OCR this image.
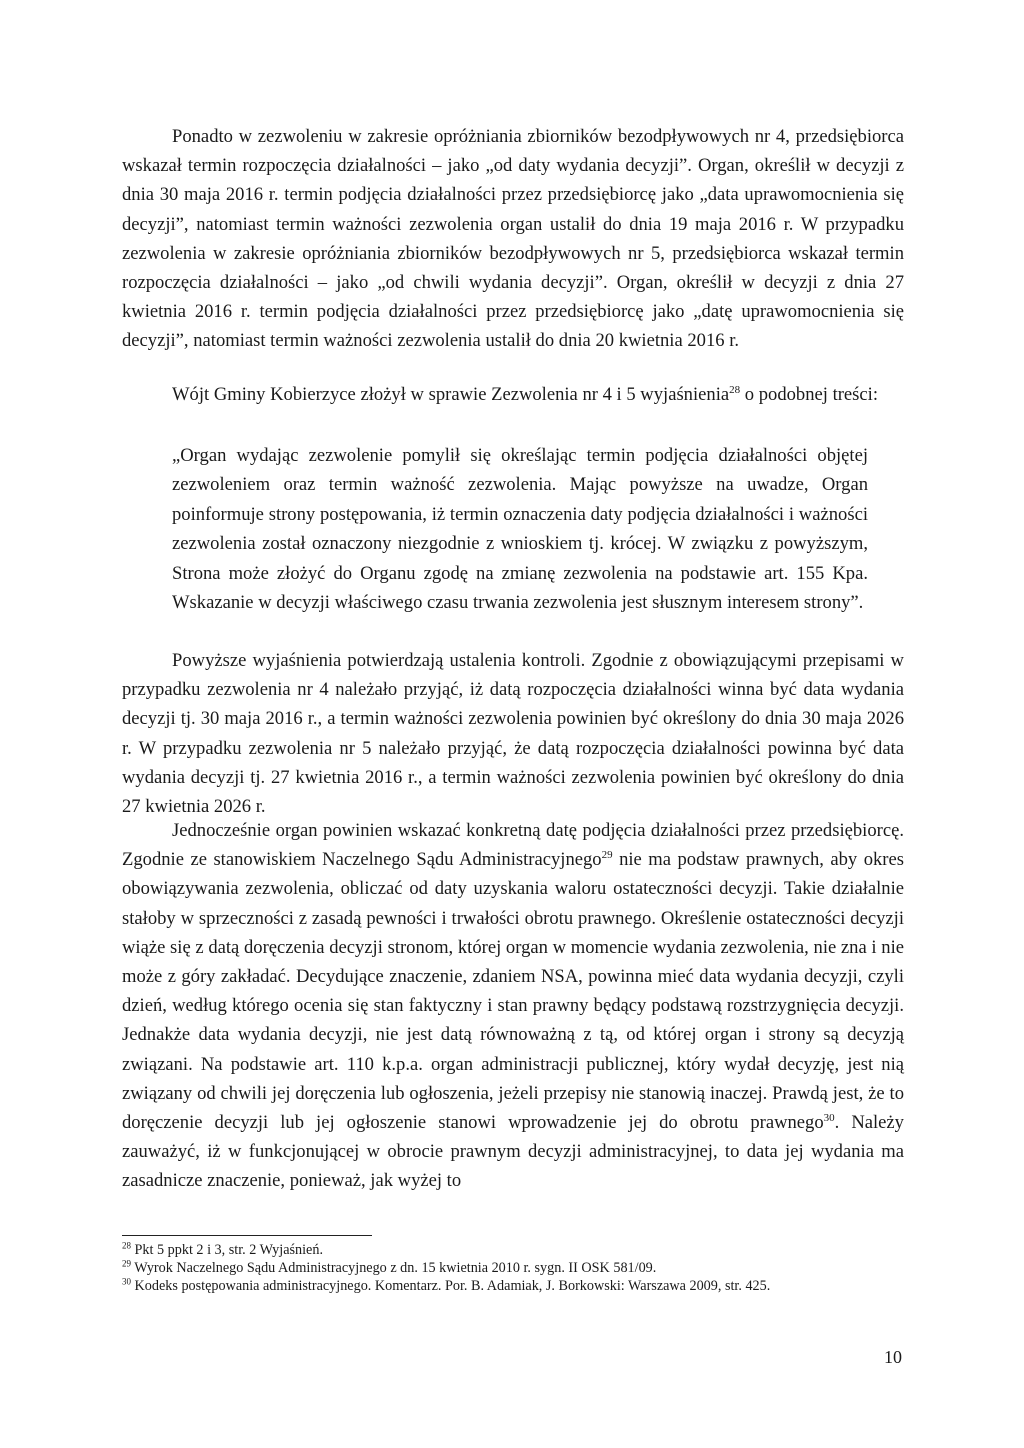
Ponadto w zezwoleniu w zakresie opróżniania zbiorników bezodpływowych nr 4, przedsiębiorca wskazał termin rozpoczęcia działalności – jako „od daty wydania decyzji”. Organ, określił w decyzji z dnia 30 maja 2016 r. termin podjęcia działalności przez przedsiębiorcę jako „data uprawomocnienia się decyzji”, natomiast termin ważności zezwolenia organ ustalił do dnia 19 maja 2016 r. W przypadku zezwolenia w zakresie opróżniania zbiorników bezodpływowych nr 5, przedsiębiorca wskazał termin rozpoczęcia działalności – jako „od chwili wydania decyzji”. Organ, określił w decyzji z dnia 27 kwietnia 2016 r. termin podjęcia działalności przez przedsiębiorcę jako „datę uprawomocnienia się decyzji”, natomiast termin ważności zezwolenia ustalił do dnia 20 kwietnia 2016 r.

Wójt Gminy Kobierzyce złożył w sprawie Zezwolenia nr 4 i 5 wyjaśnienia$^{28}$ o podobnej treści:

„Organ wydając zezwolenie pomylił się określając termin podjęcia działalności objętej zezwoleniem oraz termin ważność zezwolenia. Mając powyższe na uwadze, Organ poinformuje strony postępowania, iż termin oznaczenia daty podjęcia działalności i ważności zezwolenia został oznaczony niezgodnie z wnioskiem tj. krócej. W związku z powyższym, Strona może złożyć do Organu zgodę na zmianę zezwolenia na podstawie art. 155 Kpa. Wskazanie w decyzji właściwego czasu trwania zezwolenia jest słusznym interesem strony”.

Powyższe wyjaśnienia potwierdzają ustalenia kontroli. Zgodnie z obowiązującymi przepisami w przypadku zezwolenia nr 4 należało przyjąć, iż datą rozpoczęcia działalności winna być data wydania decyzji tj. 30 maja 2016 r., a termin ważności zezwolenia powinien być określony do dnia 30 maja 2026 r. W przypadku zezwolenia nr 5 należało przyjąć, że datą rozpoczęcia działalności powinna być data wydania decyzji tj. 27 kwietnia 2016 r., a termin ważności zezwolenia powinien być określony do dnia 27 kwietnia 2026 r.

Jednocześnie organ powinien wskazać konkretną datę podjęcia działalności przez przedsiębiorcę. Zgodnie ze stanowiskiem Naczelnego Sądu Administracyjnego$^{29}$ nie ma podstaw prawnych, aby okres obowiązywania zezwolenia, obliczać od daty uzyskania waloru ostateczności decyzji. Takie działalnie stałoby w sprzeczności z zasadą pewności i trwałości obrotu prawnego. Określenie ostateczności decyzji wiąże się z datą doręczenia decyzji stronom, której organ w momencie wydania zezwolenia, nie zna i nie może z góry zakładać. Decydujące znaczenie, zdaniem NSA, powinna mieć data wydania decyzji, czyli dzień, według którego ocenia się stan faktyczny i stan prawny będący podstawą rozstrzygnięcia decyzji. Jednakże data wydania decyzji, nie jest datą równoważną z tą, od której organ i strony są decyzją związani. Na podstawie art. 110 k.p.a. organ administracji publicznej, który wydał decyzję, jest nią związany od chwili jej doręczenia lub ogłoszenia, jeżeli przepisy nie stanowią inaczej. Prawdą jest, że to doręczenie decyzji lub jej ogłoszenie stanowi wprowadzenie jej do obrotu prawnego$^{30}$. Należy zauważyć, iż w funkcjonującej w obrocie prawnym decyzji administracyjnej, to data jej wydania ma zasadnicze znaczenie, ponieważ, jak wyżej to

$^{28}$ Pkt 5 ppkt 2 i 3, str. 2 Wyjaśnień.

$^{29}$ Wyrok Naczelnego Sądu Administracyjnego z dn. 15 kwietnia 2010 r. sygn. II OSK 581/09.

$^{30}$ Kodeks postępowania administracyjnego. Komentarz. Por. B. Adamiak, J. Borkowski: Warszawa 2009, str. 425.

10
